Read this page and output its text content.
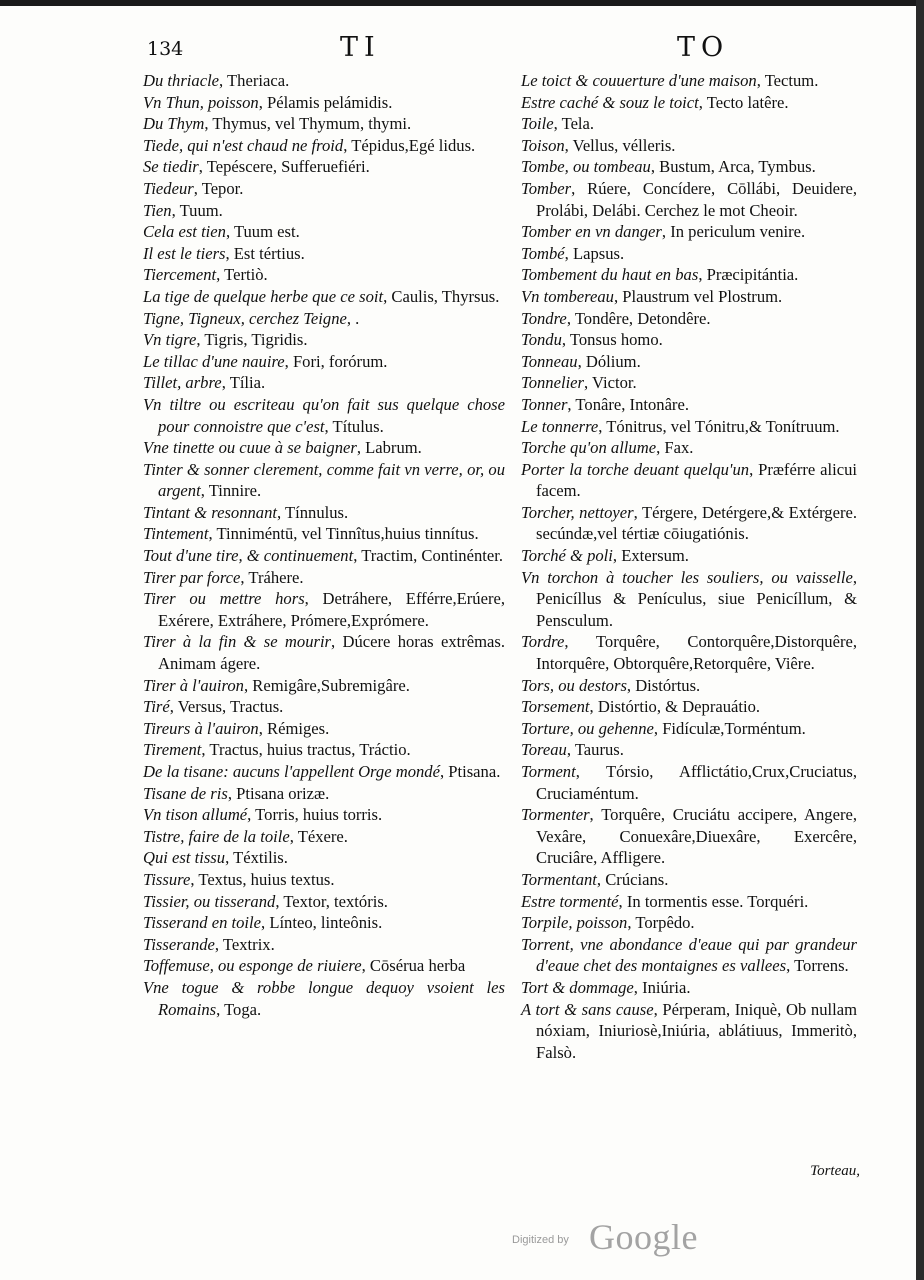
134	TI	TO
Du thriacle, Theriaca.
Vn Thun, poisson, Pélamis pelámidis.
Du Thym, Thymus, vel Thymum, thymi.
Tiede, qui n'est chaud ne froid, Tépidus,Egé lidus.
Se tiedir, Tepéscere, Sufferuefiéri.
Tiedeur, Tepor.
Tien, Tuum.
Cela est tien, Tuum est.
Il est le tiers, Est tértius.
Tiercement, Tertiò.
La tige de quelque herbe que ce soit, Caulis, Thyrsus.
Tigne, Tigneux, cerchez Teigne, .
Vn tigre, Tigris, Tigridis.
Le tillac d'une nauire, Fori, forórum.
Tillet, arbre, Tília.
Vn tiltre ou escriteau qu'on fait sus quelque chose pour connoistre que c'est, Títulus.
Vne tinette ou cuue à se baigner, Labrum.
Tinter & sonner clerement, comme fait vn verre, or, ou argent, Tinnire.
Tintant & resonnant, Tínnulus.
Tintement, Tinniméntū, vel Tinnîtus,huius tinnítus.
Tout d'une tire, & continuement, Tractim, Continénter.
Tirer par force, Tráhere.
Tirer ou mettre hors, Detráhere, Efférre,Erúere, Exérere, Extráhere, Prómere,Exprómere.
Tirer à la fin & se mourir, Dúcere horas extrêmas. Animam ágere.
Tirer à l'auiron, Remigâre,Subremigâre.
Tiré, Versus, Tractus.
Tireurs à l'auiron, Rémiges.
Tirement, Tractus, huius tractus, Tráctio.
De la tisane: aucuns l'appellent Orge mondé, Ptisana.
Tisane de ris, Ptisana orizæ.
Vn tison allumé, Torris, huius torris.
Tistre, faire de la toile, Téxere.
Qui est tissu, Téxtilis.
Tissure, Textus, huius textus.
Tissier, ou tisserand, Textor, textóris.
Tisserand en toile, Línteo, linteônis.
Tisserande, Textrix.
Toffemuse, ou esponge de riuiere, Cōsérua herba
Vne togue & robbe longue dequoy vsoient les Romains, Toga.
Le toict & couuerture d'une maison, Tectum.
Estre caché & souz le toict, Tecto latêre.
Toile, Tela.
Toison, Vellus, vélleris.
Tombe, ou tombeau, Bustum, Arca, Tymbus.
Tomber, Rúere, Concídere, Cōllábi, Deuidere, Prolábi, Delábi. Cerchez le mot Cheoir.
Tomber en vn danger, In periculum venire.
Tombé, Lapsus.
Tombement du haut en bas, Præcipitántia.
Vn tombereau, Plaustrum vel Plostrum.
Tondre, Tondêre, Detondêre.
Tondu, Tonsus homo.
Tonneau, Dólium.
Tonnelier, Victor.
Tonner, Tonâre, Intonâre.
Le tonnerre, Tónitrus, vel Tónitru,& Tonítruum.
Torche qu'on allume, Fax.
Porter la torche deuant quelqu'un, Præférre alicui facem.
Torcher, nettoyer, Térgere, Detérgere,& Extérgere. secúndæ,vel tértiæ cōiugatiónis.
Torché & poli, Extersum.
Vn torchon à toucher les souliers, ou vaisselle, Penicíllus & Penículus, siue Penicíllum, & Pensculum.
Tordre, Torquêre, Contorquêre,Distorquêre, Intorquêre, Obtorquêre,Retorquêre, Viêre.
Tors, ou destors, Distórtus.
Torsement, Distórtio, & Deprauátio.
Torture, ou gehenne, Fidículæ,Torméntum.
Toreau, Taurus.
Torment, Tórsio, Afflictátio,Crux,Cruciatus, Cruciaméntum.
Tormenter, Torquêre, Cruciátu accipere, Angere, Vexâre, Conuexâre,Diuexâre, Exercêre, Cruciâre, Affligere.
Tormentant, Crúcians.
Estre tormenté, In tormentis esse. Torquéri.
Torpile, poisson, Torpêdo.
Torrent, vne abondance d'eaue qui par grandeur d'eaue chet des montaignes es vallees, Torrens.
Tort & dommage, Iniúria.
A tort & sans cause, Pérperam, Iniquè, Ob nullam nóxiam, Iniuriosè,Iniúria, ablátiuus, Immeritò, Falsò.
Torteau,
Digitized by Google
